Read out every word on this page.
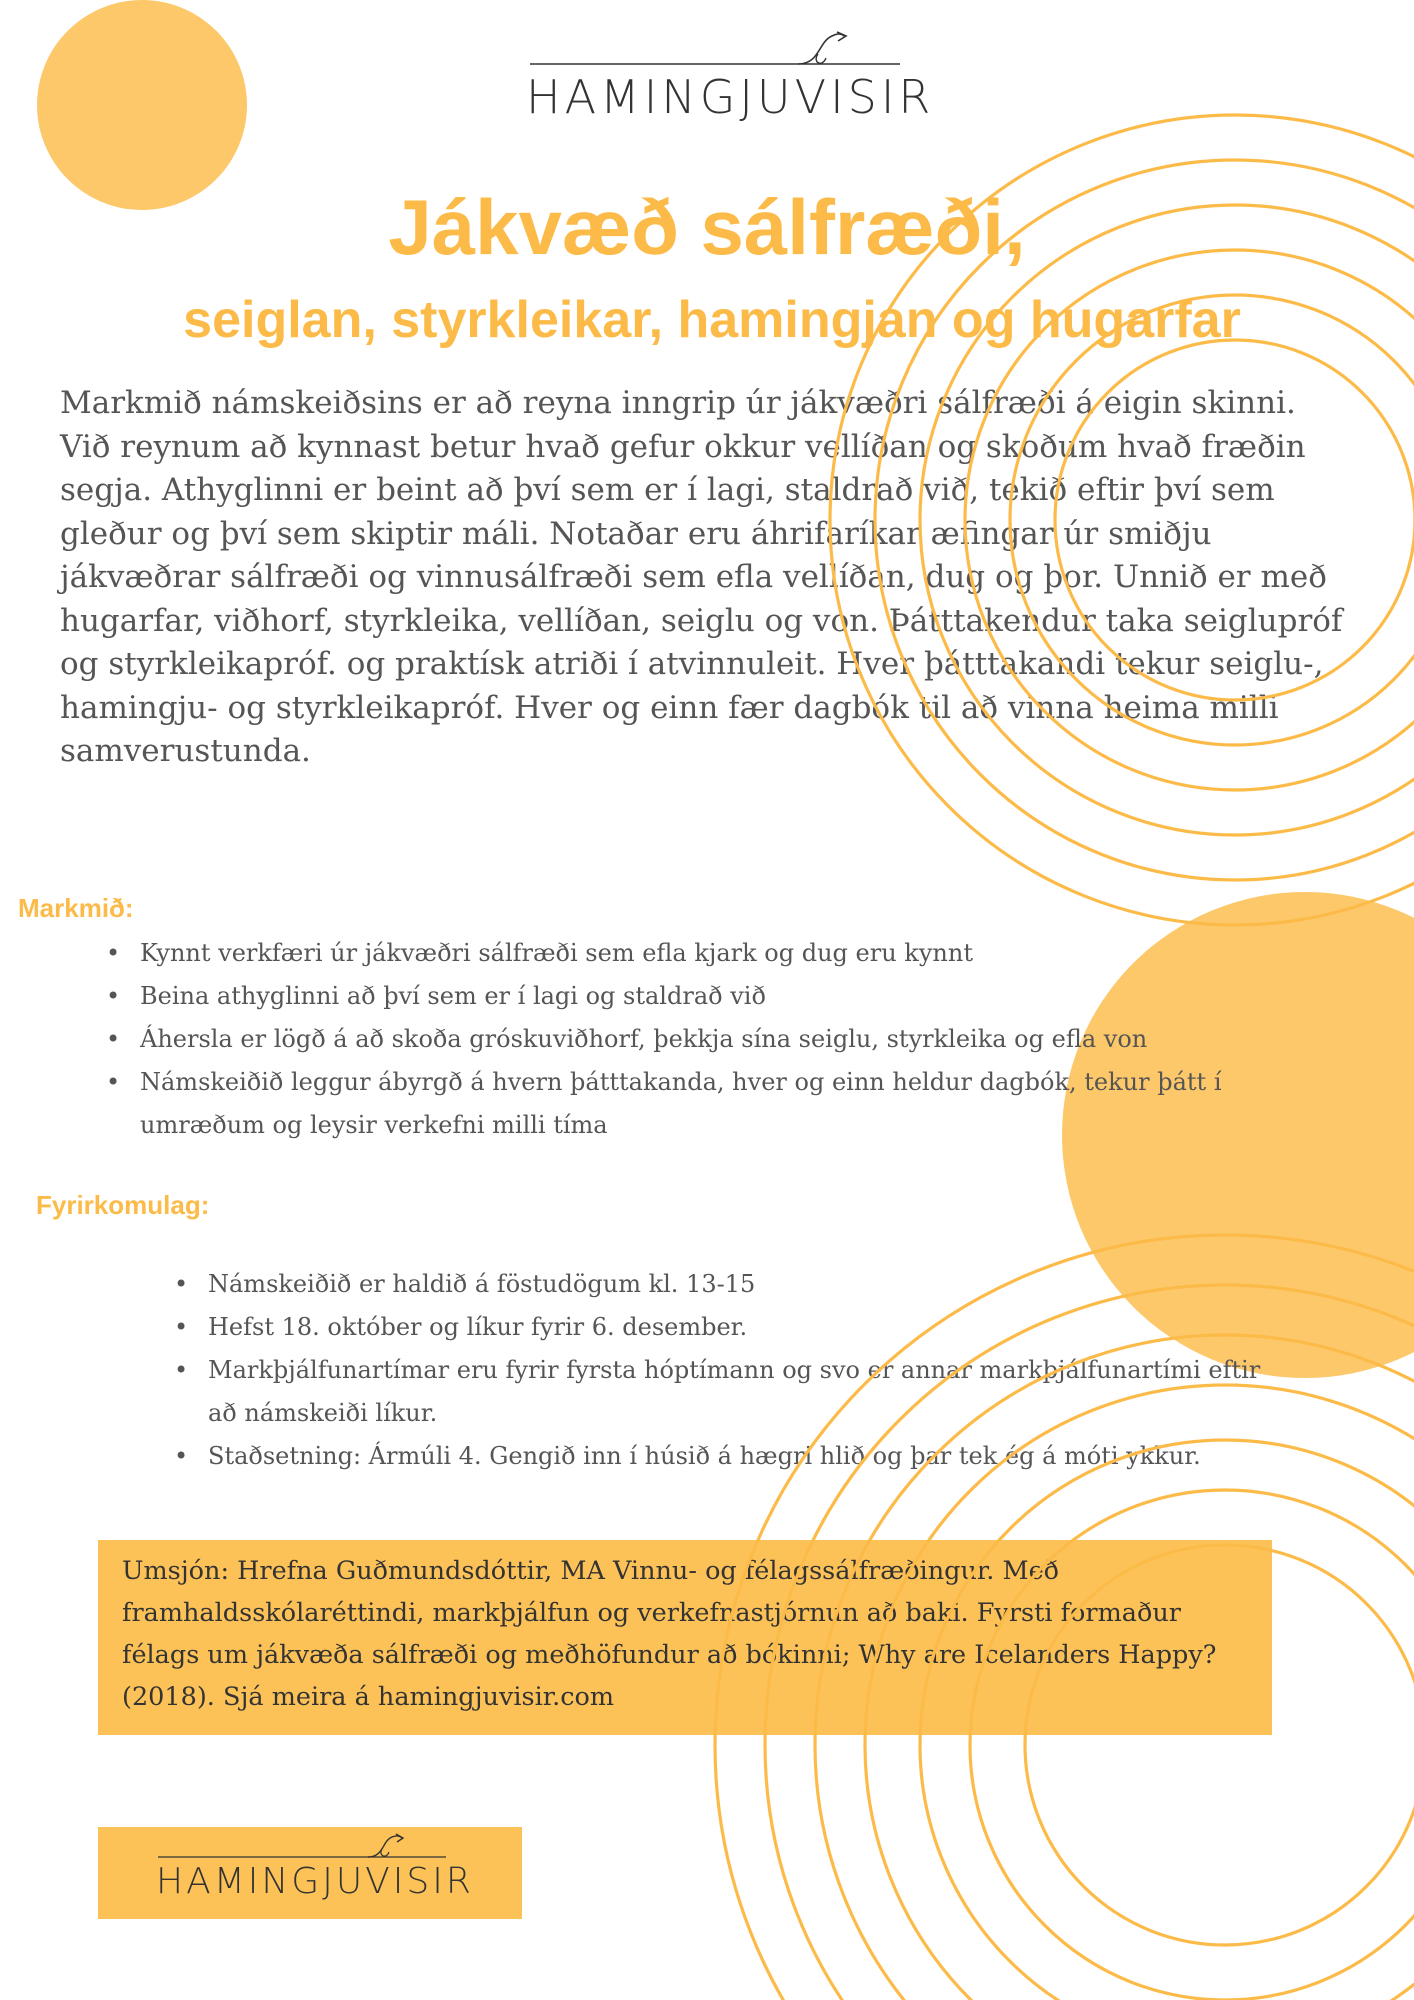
HAMINGJUVISIR
Jákvæð sálfræði,
seiglan, styrkleikar, hamingjan og hugarfar

Markmið námskeiðsins er að reyna inngrip úr jákvæðri sálfræði á eigin skinni.
Við reynum að kynnast betur hvað gefur okkur vellíðan og skoðum hvað fræðin
segja. Athyglinni er beint að því sem er í lagi, staldrað við, tekið eftir því sem
gleður og því sem skiptir máli. Notaðar eru áhrifaríkar æfingar úr smiðju
jákvæðrar sálfræði og vinnusálfræði sem efla vellíðan, dug og þor. Unnið er með
hugarfar, viðhorf, styrkleika, vellíðan, seiglu og von. Þátttakendur taka seiglupróf
og styrkleikapróf. og praktísk atriði í atvinnuleit. Hver þátttakandi tekur seiglu-,
hamingju- og styrkleikapróf. Hver og einn fær dagbók til að vinna heima milli
samverustunda.

Markmið:
• Kynnt verkfæri úr jákvæðri sálfræði sem efla kjark og dug eru kynnt
• Beina athyglinni að því sem er í lagi og staldrað við
• Áhersla er lögð á að skoða gróskuviðhorf, þekkja sína seiglu, styrkleika og efla von
• Námskeiðið leggur ábyrgð á hvern þátttakanda, hver og einn heldur dagbók, tekur þátt í umræðum og leysir verkefni milli tíma
Fyrirkomulag:
• Námskeiðið er haldið á föstudögum kl. 13-15
• Hefst 18. október og líkur fyrir 6. desember.
• Markþjálfunartímar eru fyrir fyrsta hóptímann og svo er annar markþjálfunartími eftir að námskeiði líkur.
• Staðsetning: Ármúli 4. Gengið inn í húsið á hægri hlið og þar tek ég á móti ykkur.

Umsjón: Hrefna Guðmundsdóttir, MA Vinnu- og félagssálfræðingur. Með framhaldsskólaréttindi, markþjálfun og verkefnastjórnun að baki. Fyrsti formaður félags um jákvæða sálfræði og meðhöfundur að bókinni; Why are Icelanders Happy? (2018). Sjá meira á hamingjuvisir.com

HAMINGJUVISIR
